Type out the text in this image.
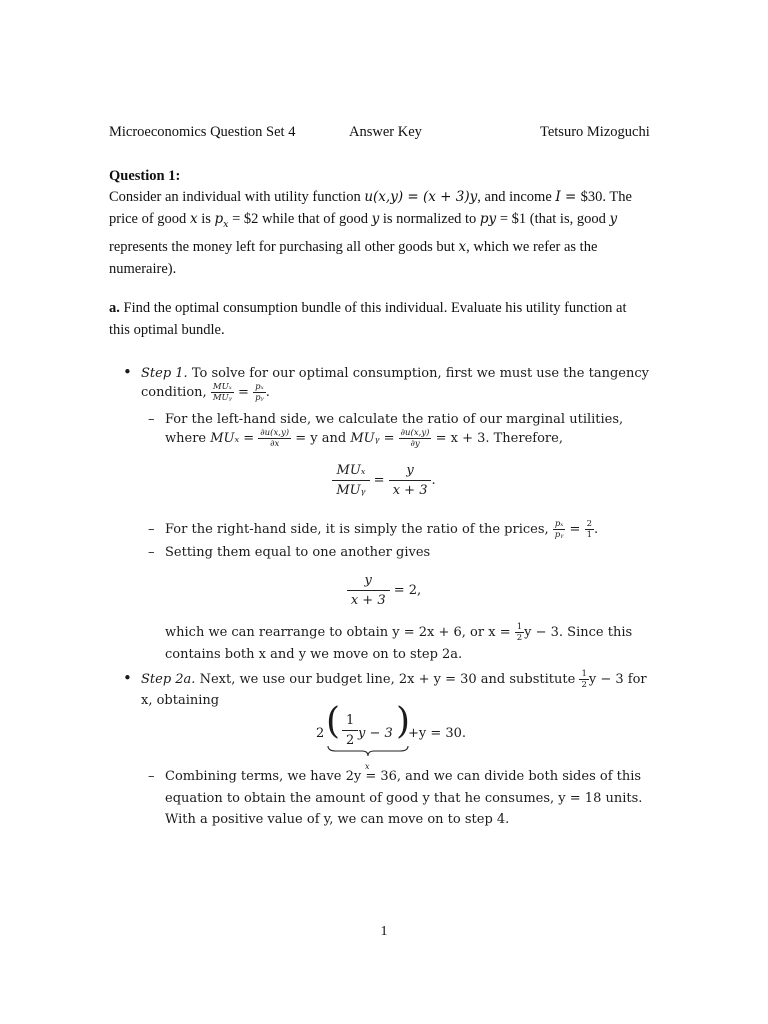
Microeconomics Question Set 4	Answer Key	Tetsuro Mizoguchi
Question 1:
Consider an individual with utility function u(x,y) = (x + 3)y, and income I = $30. The price of good x is $p_x$ = $2 while that of good y is normalized to py = $1 (that is, good y represents the money left for purchasing all other goods but x, which we refer as the numeraire).
a. Find the optimal consumption bundle of this individual. Evaluate his utility function at this optimal bundle.
• Step 1. To solve for our optimal consumption, first we must use the tangency
condition, $\frac{\text{MUₓ}}{\text{MUᵧ}} = \frac{\text{pₓ}}{\text{pᵧ}}$ .
– For the left-hand side, we calculate the ratio of our marginal utilities,
where $MU_x = \frac{\partial u(x,y)}{\partial x} = y$ and MUᵧ = $\frac{\partial u(x,y)}{\partial y} = x + 3$. Therefore,
$\frac{\text{MUₓ}}{\text{MUᵧ}} = \frac{y}{x + 3}$ .
– For the right-hand side, it is simply the ratio of the prices, $\frac{\text{pₓ}}{\text{pᵧ}} = \frac{2}{1}$ .
– Setting them equal to one another gives
$\frac{y}{x + 3} = 2$,
which we can rearrange to obtain y = 2x + 6, or $x = \frac{1}{2}$ y − 3. Since this
contains both x and y we move on to step 2a.
• Step 2a. Next, we use our budget line, 2x + y = 30 and substitute $\frac{1}{2}$ y − 3 for
x, obtaining
2 ( $\frac{1}{2}$ y − 3 )
+y = 30.
x
– Combining terms, we have 2y = 36, and we can divide both sides of this
equation to obtain the amount of good y that he consumes, y = 18 units.
With a positive value of y, we can move on to step 4.
1
